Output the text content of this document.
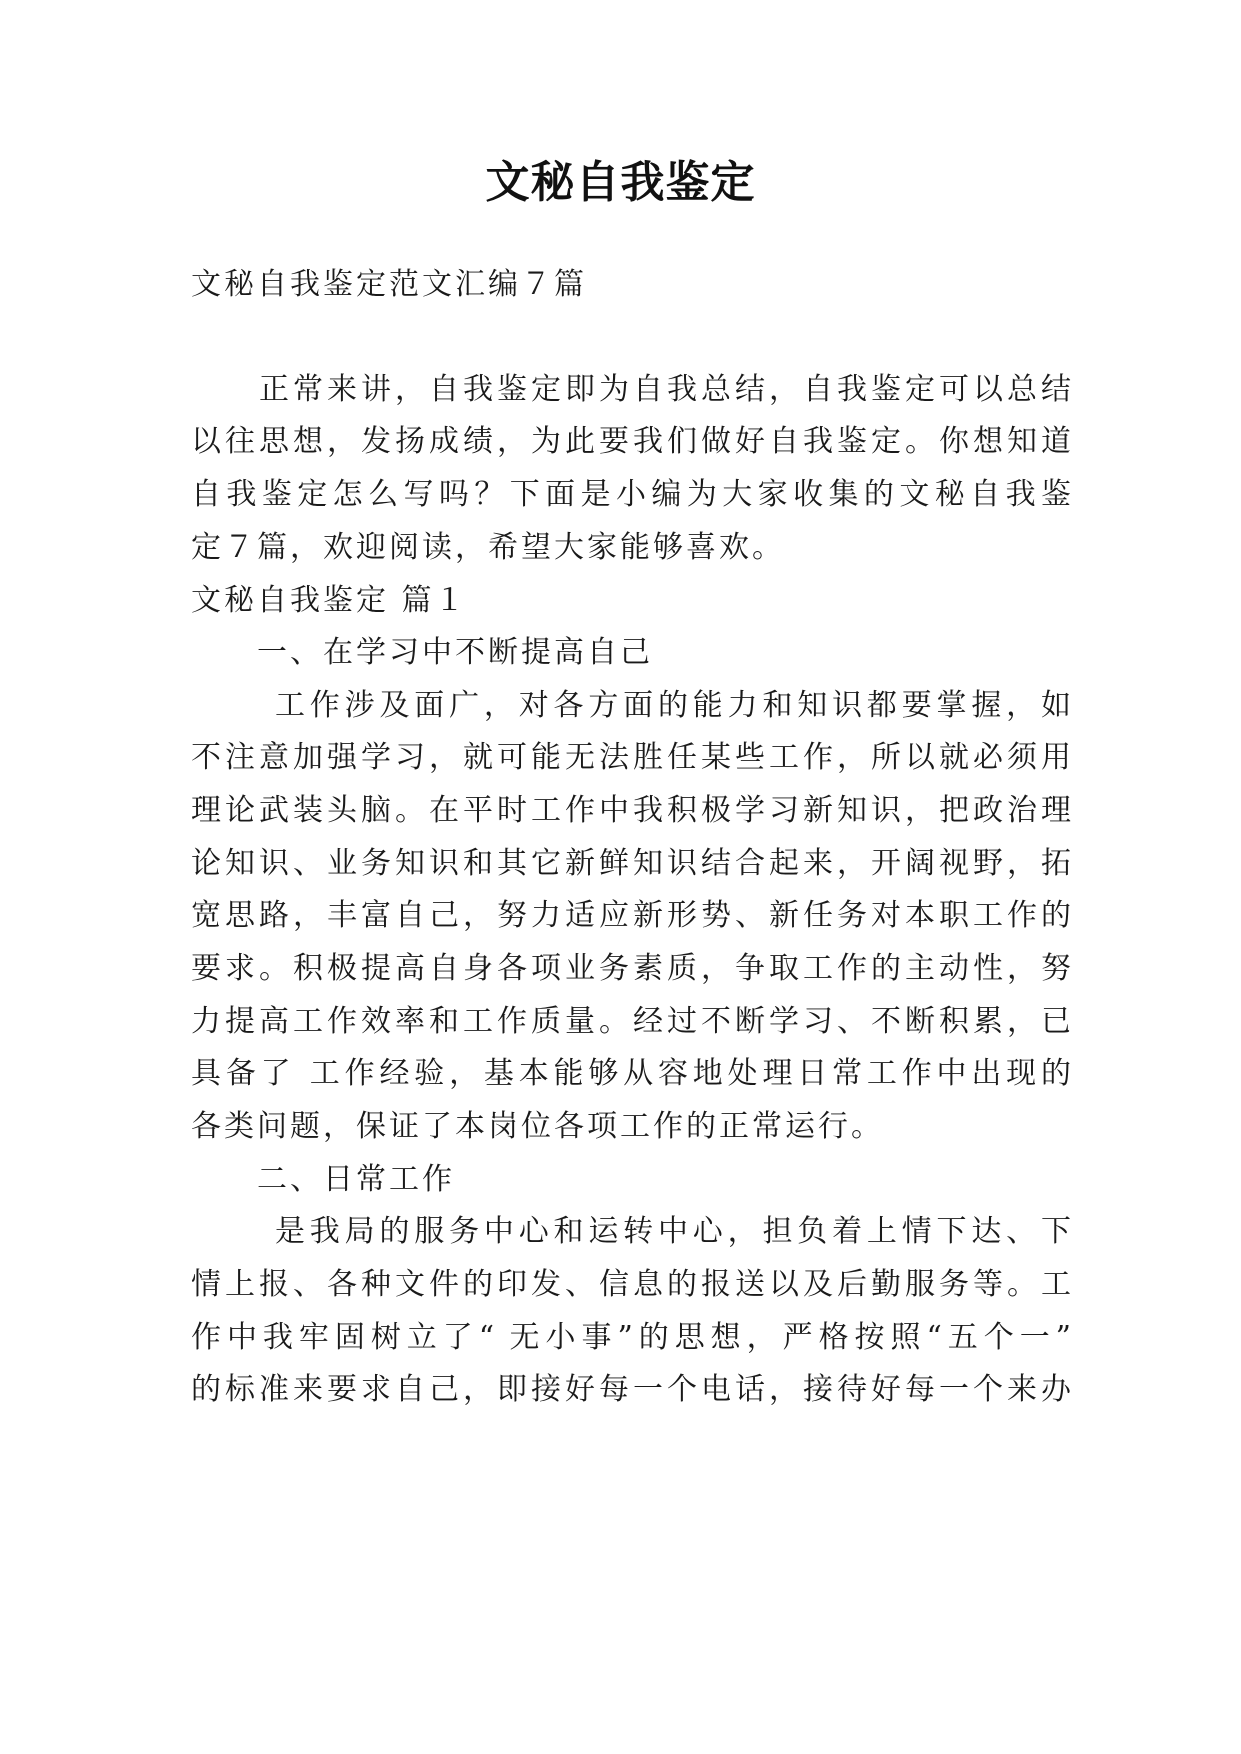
文秘自我鉴定
文秘自我鉴定范文汇编７篇
　　正常来讲，自我鉴定即为自我总结，自我鉴定可以总结
以往思想，发扬成绩，为此要我们做好自我鉴定。你想知道
自我鉴定怎么写吗？下面是小编为大家收集的文秘自我鉴
定７篇，欢迎阅读，希望大家能够喜欢。
文秘自我鉴定 篇１
　　一、在学习中不断提高自己
　　 工作涉及面广，对各方面的能力和知识都要掌握，如
不注意加强学习，就可能无法胜任某些工作，所以就必须用
理论武装头脑。在平时工作中我积极学习新知识，把政治理
论知识、业务知识和其它新鲜知识结合起来，开阔视野，拓
宽思路，丰富自己，努力适应新形势、新任务对本职工作的
要求。积极提高自身各项业务素质，争取工作的主动性，努
力提高工作效率和工作质量。经过不断学习、不断积累，已
具备了 工作经验，基本能够从容地处理日常工作中出现的
各类问题，保证了本岗位各项工作的正常运行。
　　二、日常工作
　　 是我局的服务中心和运转中心，担负着上情下达、下
情上报、各种文件的印发、信息的报送以及后勤服务等。工
作中我牢固树立了“ 无小事”的思想，严格按照“五个一”
的标准来要求自己，即接好每一个电话，接待好每一个来办
